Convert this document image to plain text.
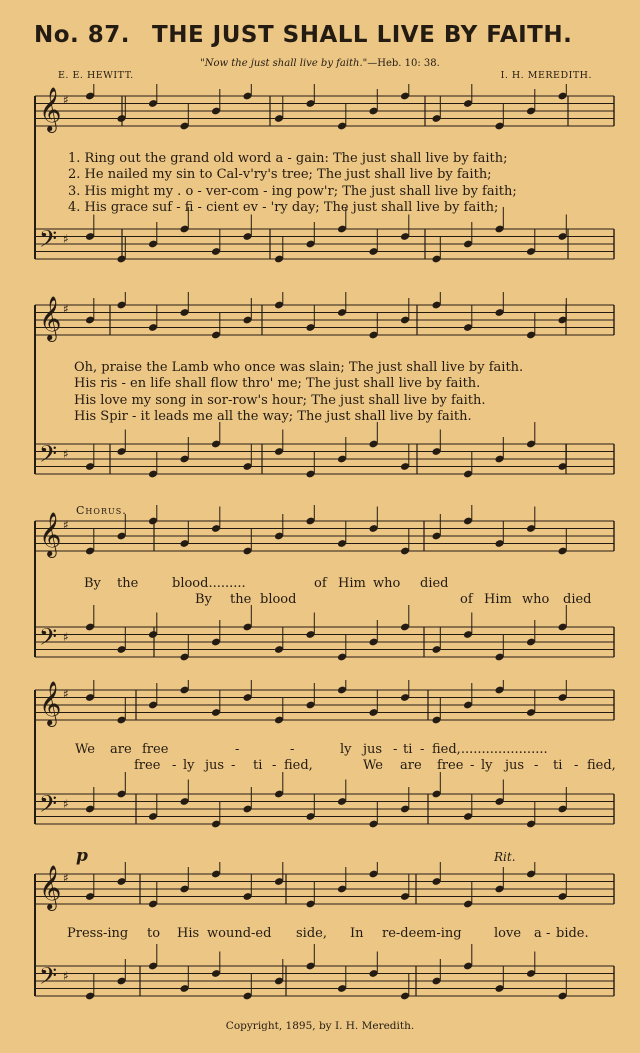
No. 87. THE JUST SHALL LIVE BY FAITH.
"Now the just shall live by faith."—Heb. 10: 38.
E. E. HEWITT.	I. H. MEREDITH.
𝄞 ♯
𝄢 ♯
1. Ring out the grand old word a - gain: The just shall live by faith;
2. He nailed my sin to Cal-v'ry's tree; The just shall live by faith;
3. His might my . o - ver-com - ing pow'r; The just shall live by faith;
4. His grace suf - fi - cient ev - 'ry day; The just shall live by faith;
𝄞 ♯
𝄢 ♯
Oh, praise the Lamb who once was slain; The just shall live by faith.
His ris - en life shall flow thro' me; The just shall live by faith.
His love my song in sor-row's hour; The just shall live by faith.
His Spir - it leads me all the way; The just shall live by faith.
Chorus.
𝄞 ♯
𝄢 ♯
By the	blood.........	of Him who died
By the blood	of Him who died
𝄞 ♯
𝄢 ♯
We are free	-	-	ly jus - ti - fied,.....................
free - ly jus - ti - fied,	We are free - ly jus - ti - fied,
p	Rit.
𝄞 ♯
𝄢 ♯
Press-ing to His wound-ed side, In re-deem-ing love a - bide.
Copyright, 1895, by I. H. Meredith.
